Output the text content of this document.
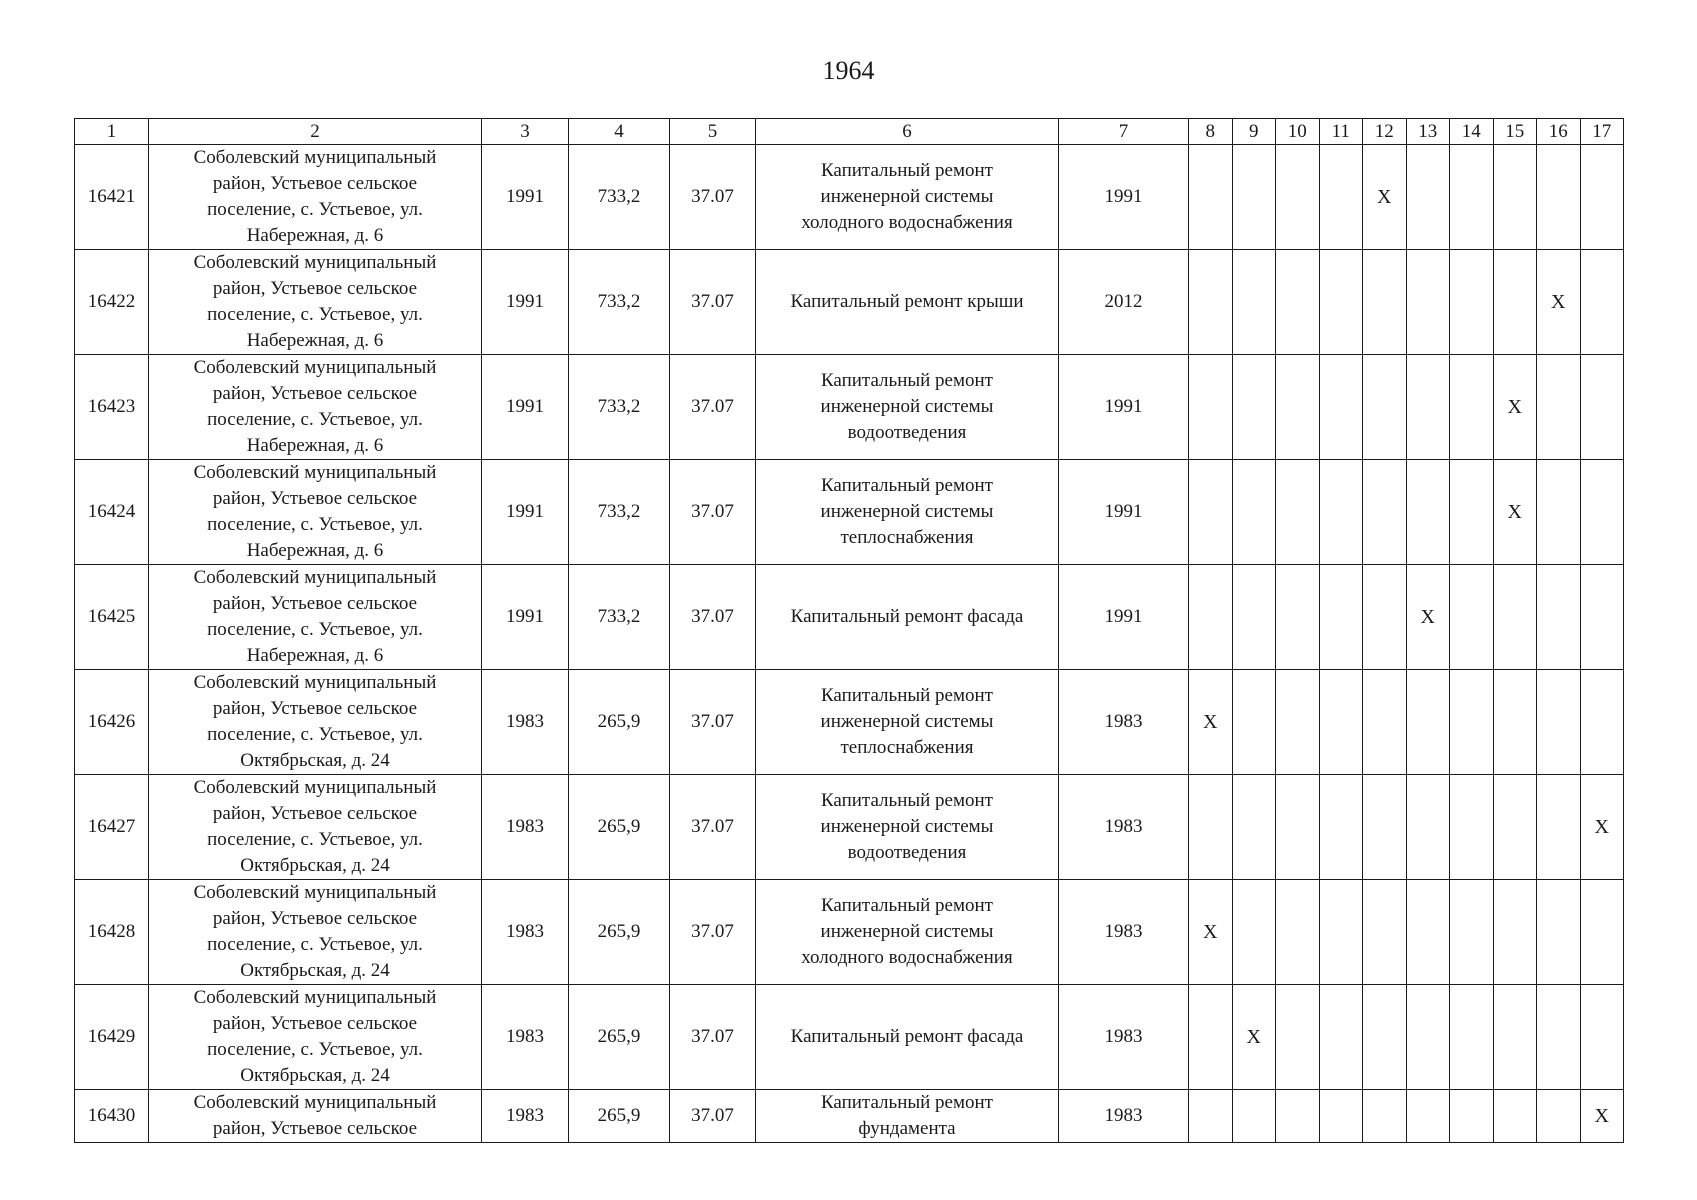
1964
1	2	3	4	5	6	7	8	9	10	11	12	13	14	15	16	17
16421	Соболевский муниципальный
район, Устьевое сельское
поселение, с. Устьевое, ул.
Набережная, д. 6	1991	733,2	37.07	Капитальный ремонт
инженерной системы
холодного водоснабжения	1991					X					
16422	Соболевский муниципальный
район, Устьевое сельское
поселение, с. Устьевое, ул.
Набережная, д. 6	1991	733,2	37.07	Капитальный ремонт крыши	2012									X	
16423	Соболевский муниципальный
район, Устьевое сельское
поселение, с. Устьевое, ул.
Набережная, д. 6	1991	733,2	37.07	Капитальный ремонт
инженерной системы
водоотведения	1991								X		
16424	Соболевский муниципальный
район, Устьевое сельское
поселение, с. Устьевое, ул.
Набережная, д. 6	1991	733,2	37.07	Капитальный ремонт
инженерной системы
теплоснабжения	1991								X		
16425	Соболевский муниципальный
район, Устьевое сельское
поселение, с. Устьевое, ул.
Набережная, д. 6	1991	733,2	37.07	Капитальный ремонт фасада	1991						X				
16426	Соболевский муниципальный
район, Устьевое сельское
поселение, с. Устьевое, ул.
Октябрьская, д. 24	1983	265,9	37.07	Капитальный ремонт
инженерной системы
теплоснабжения	1983	X									
16427	Соболевский муниципальный
район, Устьевое сельское
поселение, с. Устьевое, ул.
Октябрьская, д. 24	1983	265,9	37.07	Капитальный ремонт
инженерной системы
водоотведения	1983										X
16428	Соболевский муниципальный
район, Устьевое сельское
поселение, с. Устьевое, ул.
Октябрьская, д. 24	1983	265,9	37.07	Капитальный ремонт
инженерной системы
холодного водоснабжения	1983	X									
16429	Соболевский муниципальный
район, Устьевое сельское
поселение, с. Устьевое, ул.
Октябрьская, д. 24	1983	265,9	37.07	Капитальный ремонт фасада	1983		X								
16430	Соболевский муниципальный
район, Устьевое сельское	1983	265,9	37.07	Капитальный ремонт
фундамента	1983										X
